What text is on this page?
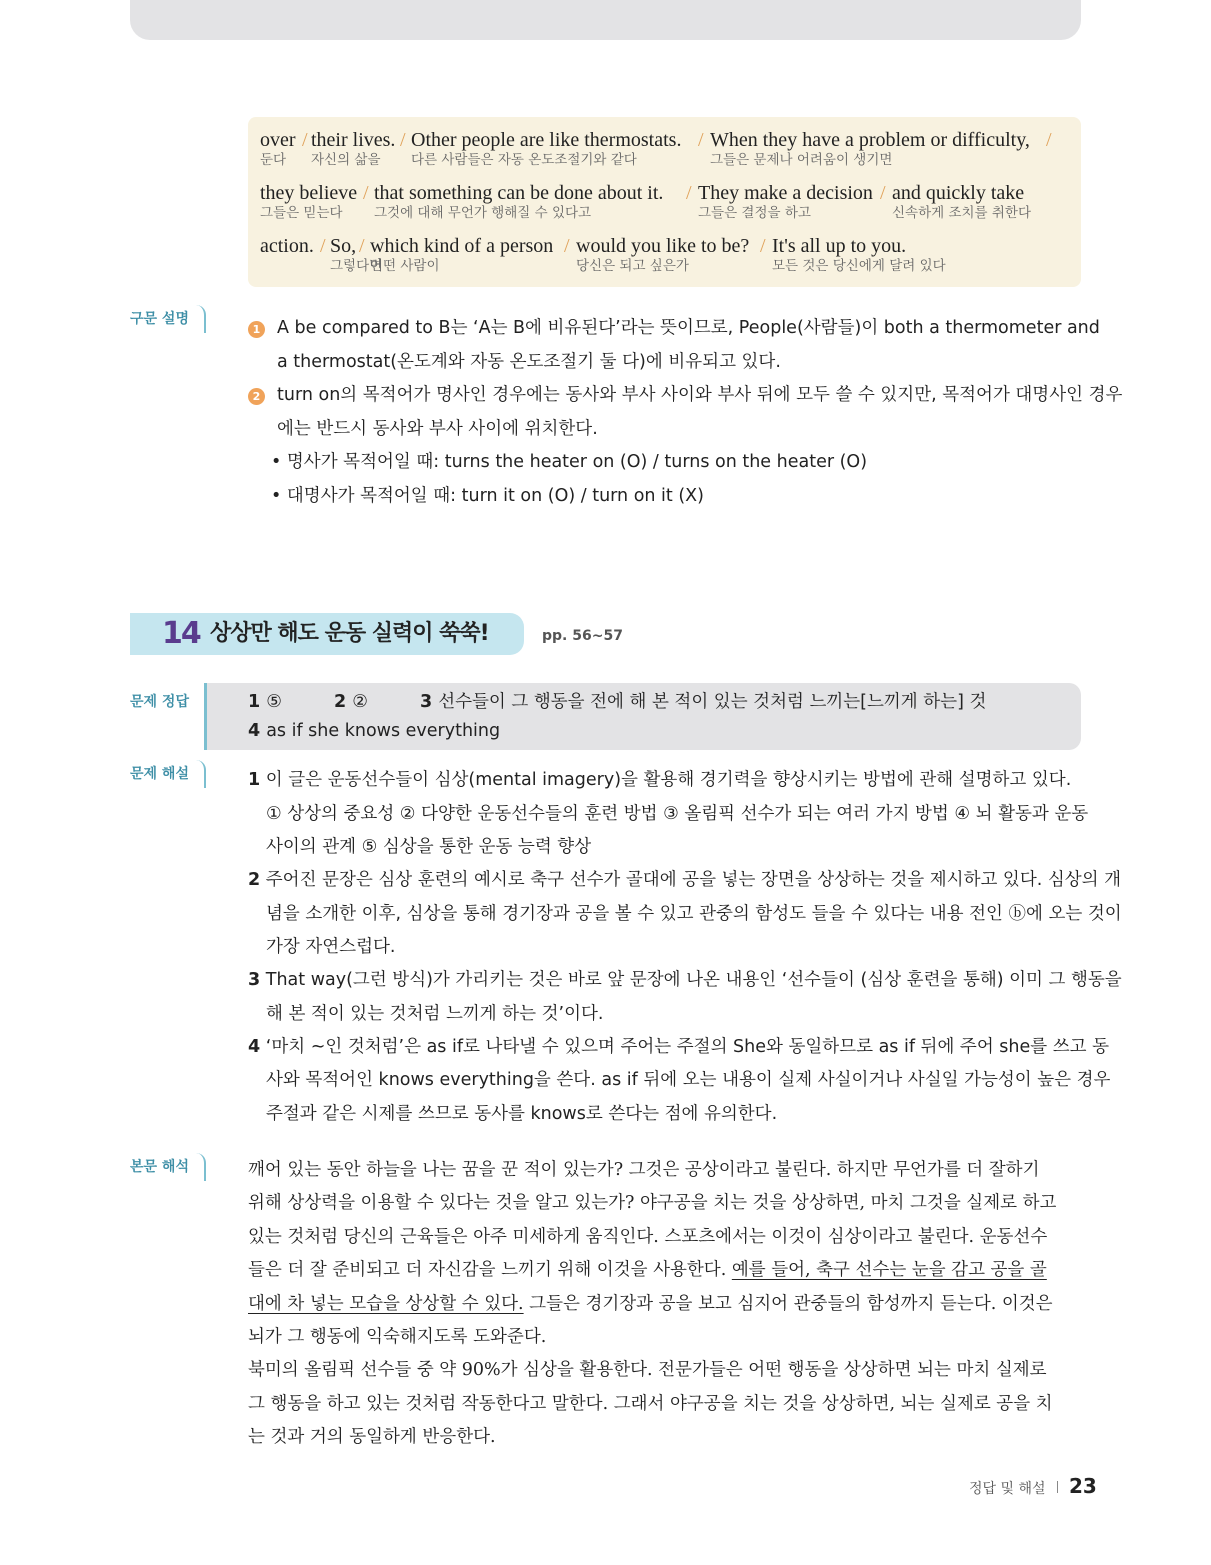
over
둔다
/ their lives.
자신의 삶을
/ Other people are like thermostats.
다른 사람들은 자동 온도조절기와 같다
/ When they have a problem or difficulty,
그들은 문제나 어려움이 생기면
/
they believe
그들은 믿는다
/ that something can be done about it.
그것에 대해 무언가 행해질 수 있다고
/ They make a decision
그들은 결정을 하고
/ and quickly take
신속하게 조치를 취한다
action. / So,
그렇다면
/ which kind of a person
어떤 사람이
/ would you like to be?
당신은 되고 싶은가
/ It's all up to you.
모든 것은 당신에게 달려 있다
구문 설명
1 A be compared to B는 ‘A는 B에 비유된다’라는 뜻이므로, People(사람들)이 both a thermometer and
a thermostat(온도계와 자동 온도조절기 둘 다)에 비유되고 있다.
2 turn on의 목적어가 명사인 경우에는 동사와 부사 사이와 부사 뒤에 모두 쓸 수 있지만, 목적어가 대명사인 경우
에는 반드시 동사와 부사 사이에 위치한다.
• 명사가 목적어일 때: turns the heater on (O) / turns on the heater (O)
• 대명사가 목적어일 때: turn it on (O) / turn on it (X)
14 상상만 해도 운동 실력이 쑥쑥!	pp. 56~57
문제 정답	1 ⑤	2 ②	3 선수들이 그 행동을 전에 해 본 적이 있는 것처럼 느끼는[느끼게 하는] 것
4 as if she knows everything
문제 해설	1 이 글은 운동선수들이 심상(mental imagery)을 활용해 경기력을 향상시키는 방법에 관해 설명하고 있다.
① 상상의 중요성 ② 다양한 운동선수들의 훈련 방법 ③ 올림픽 선수가 되는 여러 가지 방법 ④ 뇌 활동과 운동
사이의 관계 ⑤ 심상을 통한 운동 능력 향상
2 주어진 문장은 심상 훈련의 예시로 축구 선수가 골대에 공을 넣는 장면을 상상하는 것을 제시하고 있다. 심상의 개
념을 소개한 이후, 심상을 통해 경기장과 공을 볼 수 있고 관중의 함성도 들을 수 있다는 내용 전인 ⓑ에 오는 것이
가장 자연스럽다.
3 That way(그런 방식)가 가리키는 것은 바로 앞 문장에 나온 내용인 ‘선수들이 (심상 훈련을 통해) 이미 그 행동을
해 본 적이 있는 것처럼 느끼게 하는 것’이다.
4 ‘마치 ~인 것처럼’은 as if로 나타낼 수 있으며 주어는 주절의 She와 동일하므로 as if 뒤에 주어 she를 쓰고 동
사와 목적어인 knows everything을 쓴다. as if 뒤에 오는 내용이 실제 사실이거나 사실일 가능성이 높은 경우
주절과 같은 시제를 쓰므로 동사를 knows로 쓴다는 점에 유의한다.
본문 해석	깨어 있는 동안 하늘을 나는 꿈을 꾼 적이 있는가? 그것은 공상이라고 불린다. 하지만 무언가를 더 잘하기
위해 상상력을 이용할 수 있다는 것을 알고 있는가? 야구공을 치는 것을 상상하면, 마치 그것을 실제로 하고
있는 것처럼 당신의 근육들은 아주 미세하게 움직인다. 스포츠에서는 이것이 심상이라고 불린다. 운동선수
들은 더 잘 준비되고 더 자신감을 느끼기 위해 이것을 사용한다. 예를 들어, 축구 선수는 눈을 감고 공을 골
대에 차 넣는 모습을 상상할 수 있다. 그들은 경기장과 공을 보고 심지어 관중들의 함성까지 듣는다. 이것은
뇌가 그 행동에 익숙해지도록 도와준다.
북미의 올림픽 선수들 중 약 90%가 심상을 활용한다. 전문가들은 어떤 행동을 상상하면 뇌는 마치 실제로
그 행동을 하고 있는 것처럼 작동한다고 말한다. 그래서 야구공을 치는 것을 상상하면, 뇌는 실제로 공을 치
는 것과 거의 동일하게 반응한다.
정답 및 해설 23
